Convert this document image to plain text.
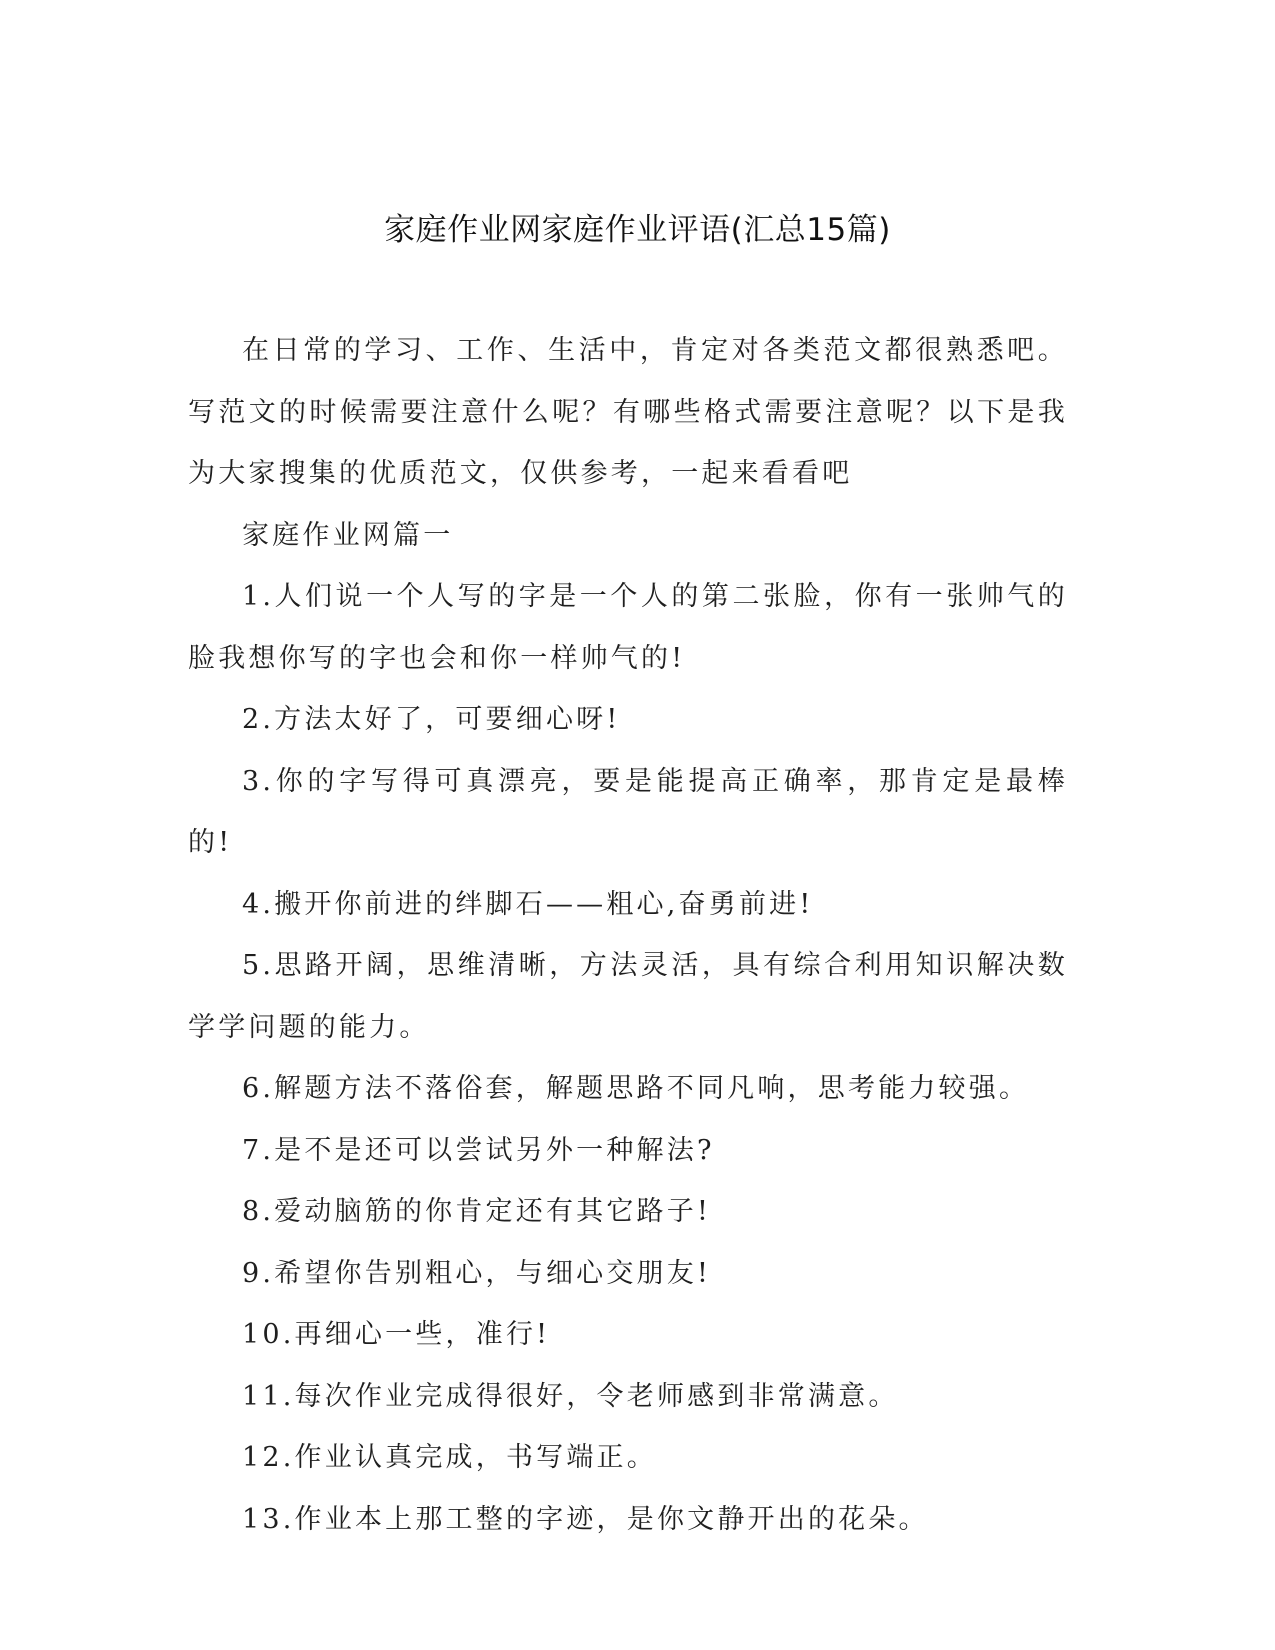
家庭作业网家庭作业评语(汇总15篇)

在日常的学习、工作、生活中，肯定对各类范文都很熟悉吧。写范文的时候需要注意什么呢？有哪些格式需要注意呢？以下是我为大家搜集的优质范文，仅供参考，一起来看看吧

家庭作业网篇一

1.人们说一个人写的字是一个人的第二张脸，你有一张帅气的脸我想你写的字也会和你一样帅气的!

2.方法太好了，可要细心呀!

3.你的字写得可真漂亮，要是能提高正确率，那肯定是最棒的!

4.搬开你前进的绊脚石——粗心,奋勇前进!

5.思路开阔，思维清晰，方法灵活，具有综合利用知识解决数学学问题的能力。

6.解题方法不落俗套，解题思路不同凡响，思考能力较强。

7.是不是还可以尝试另外一种解法?

8.爱动脑筋的你肯定还有其它路子!

9.希望你告别粗心，与细心交朋友!

10.再细心一些，准行!

11.每次作业完成得很好，令老师感到非常满意。

12.作业认真完成，书写端正。

13.作业本上那工整的字迹，是你文静开出的花朵。
